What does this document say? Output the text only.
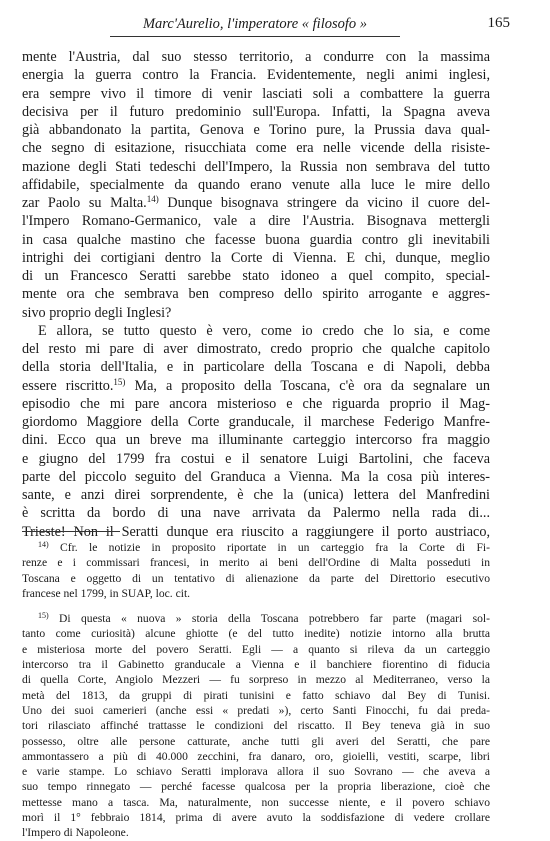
Marc'Aurelio, l'imperatore « filosofo »	165
mente l'Austria, dal suo stesso territorio, a condurre con la massima
energia la guerra contro la Francia. Evidentemente, negli animi inglesi,
era sempre vivo il timore di venir lasciati soli a combattere la guerra
decisiva per il futuro predominio sull'Europa. Infatti, la Spagna aveva
già abbandonato la partita, Genova e Torino pure, la Prussia dava qual-
che segno di esitazione, risucchiata come era nelle vicende della risiste-
mazione degli Stati tedeschi dell'Impero, la Russia non sembrava del tutto
affidabile, specialmente da quando erano venute alla luce le mire dello
zar Paolo su Malta.$^{14)}$ Dunque bisognava stringere da vicino il cuore del-
l'Impero Romano-Germanico, vale a dire l'Austria. Bisognava mettergli
in casa qualche mastino che facesse buona guardia contro gli inevitabili
intrighi dei cortigiani dentro la Corte di Vienna. E chi, dunque, meglio
di un Francesco Seratti sarebbe stato idoneo a quel compito, special-
mente ora che sembrava ben compreso dello spirito arrogante e aggres-
sivo proprio degli Inglesi?
E allora, se tutto questo è vero, come io credo che lo sia, e come
del resto mi pare di aver dimostrato, credo proprio che qualche capitolo
della storia dell'Italia, e in particolare della Toscana e di Napoli, debba
essere riscritto.$^{15)}$ Ma, a proposito della Toscana, c'è ora da segnalare un
episodio che mi pare ancora misterioso e che riguarda proprio il Mag-
giordomo Maggiore della Corte granducale, il marchese Federigo Manfre-
dini. Ecco qua un breve ma illuminante carteggio intercorso fra maggio
e giugno del 1799 fra costui e il senatore Luigi Bartolini, che faceva
parte del piccolo seguito del Granduca a Vienna. Ma la cosa più interes-
sante, e anzi direi sorprendente, è che la (unica) lettera del Manfredini
è scritta da bordo di una nave arrivata da Palermo nella rada di...
Trieste! Non il Seratti dunque era riuscito a raggiungere il porto austriaco,
$^{14)}$ Cfr. le notizie in proposito riportate in un carteggio fra la Corte di Fi-
renze e i commissari francesi, in merito ai beni dell'Ordine di Malta posseduti in
Toscana e oggetto di un tentativo di alienazione da parte del Direttorio esecutivo
francese nel 1799, in SUAP, loc. cit.
$^{15)}$ Di questa « nuova » storia della Toscana potrebbero far parte (magari sol-
tanto come curiosità) alcune ghiotte (e del tutto inedite) notizie intorno alla brutta
e misteriosa morte del povero Seratti. Egli — a quanto si rileva da un carteggio
intercorso tra il Gabinetto granducale a Vienna e il banchiere fiorentino di fiducia
di quella Corte, Angiolo Mezzeri — fu sorpreso in mezzo al Mediterraneo, verso la
metà del 1813, da gruppi di pirati tunisini e fatto schiavo dal Bey di Tunisi.
Uno dei suoi camerieri (anche essi « predati »), certo Santi Finocchi, fu dai preda-
tori rilasciato affinché trattasse le condizioni del riscatto. Il Bey teneva già in suo
possesso, oltre alle persone catturate, anche tutti gli averi del Seratti, che pare
ammontassero a più di 40.000 zecchini, fra danaro, oro, gioielli, vestiti, scarpe, libri
e varie stampe. Lo schiavo Seratti implorava allora il suo Sovrano — che aveva a
suo tempo rinnegato — perché facesse qualcosa per la propria liberazione, cioè che
mettesse mano a tasca. Ma, naturalmente, non successe niente, e il povero schiavo
morì il 1° febbraio 1814, prima di avere avuto la soddisfazione di vedere crollare
l'Impero di Napoleone.
